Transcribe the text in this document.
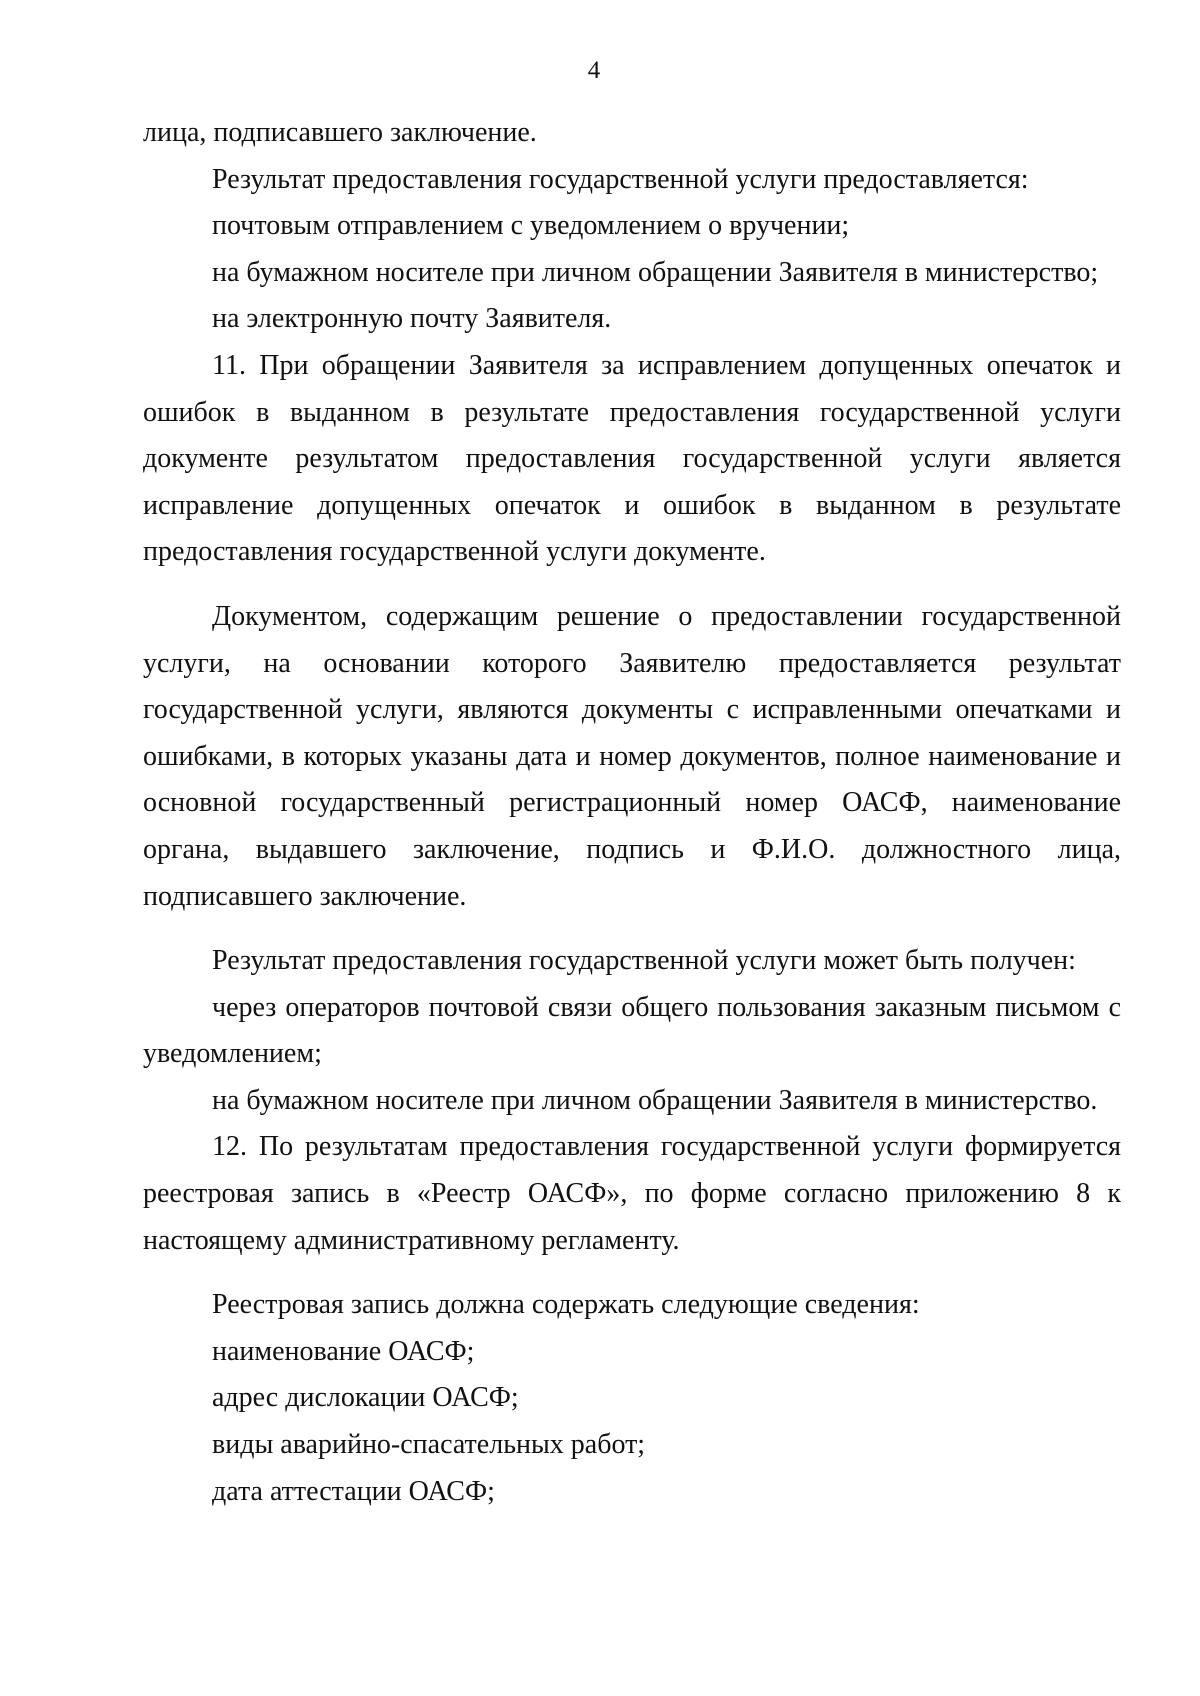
4

лица, подписавшего заключение.

Результат предоставления государственной услуги предоставляется:

почтовым отправлением с уведомлением о вручении;

на бумажном носителе при личном обращении Заявителя в министерство;

на электронную почту Заявителя.

11. При обращении Заявителя за исправлением допущенных опечаток и ошибок в выданном в результате предоставления государственной услуги документе результатом предоставления государственной услуги является исправление допущенных опечаток и ошибок в выданном в результате предоставления государственной услуги документе.

Документом, содержащим решение о предоставлении государственной услуги, на основании которого Заявителю предоставляется результат государственной услуги, являются документы с исправленными опечатками и ошибками, в которых указаны дата и номер документов, полное наименование и основной государственный регистрационный номер ОАСФ, наименование органа, выдавшего заключение, подпись и Ф.И.О. должностного лица, подписавшего заключение.

Результат предоставления государственной услуги может быть получен:

через операторов почтовой связи общего пользования заказным письмом с уведомлением;

на бумажном носителе при личном обращении Заявителя в министерство.

12. По результатам предоставления государственной услуги формируется реестровая запись в «Реестр ОАСФ», по форме согласно приложению 8 к настоящему административному регламенту.

Реестровая запись должна содержать следующие сведения:

наименование ОАСФ;

адрес дислокации ОАСФ;

виды аварийно-спасательных работ;

дата аттестации ОАСФ;
